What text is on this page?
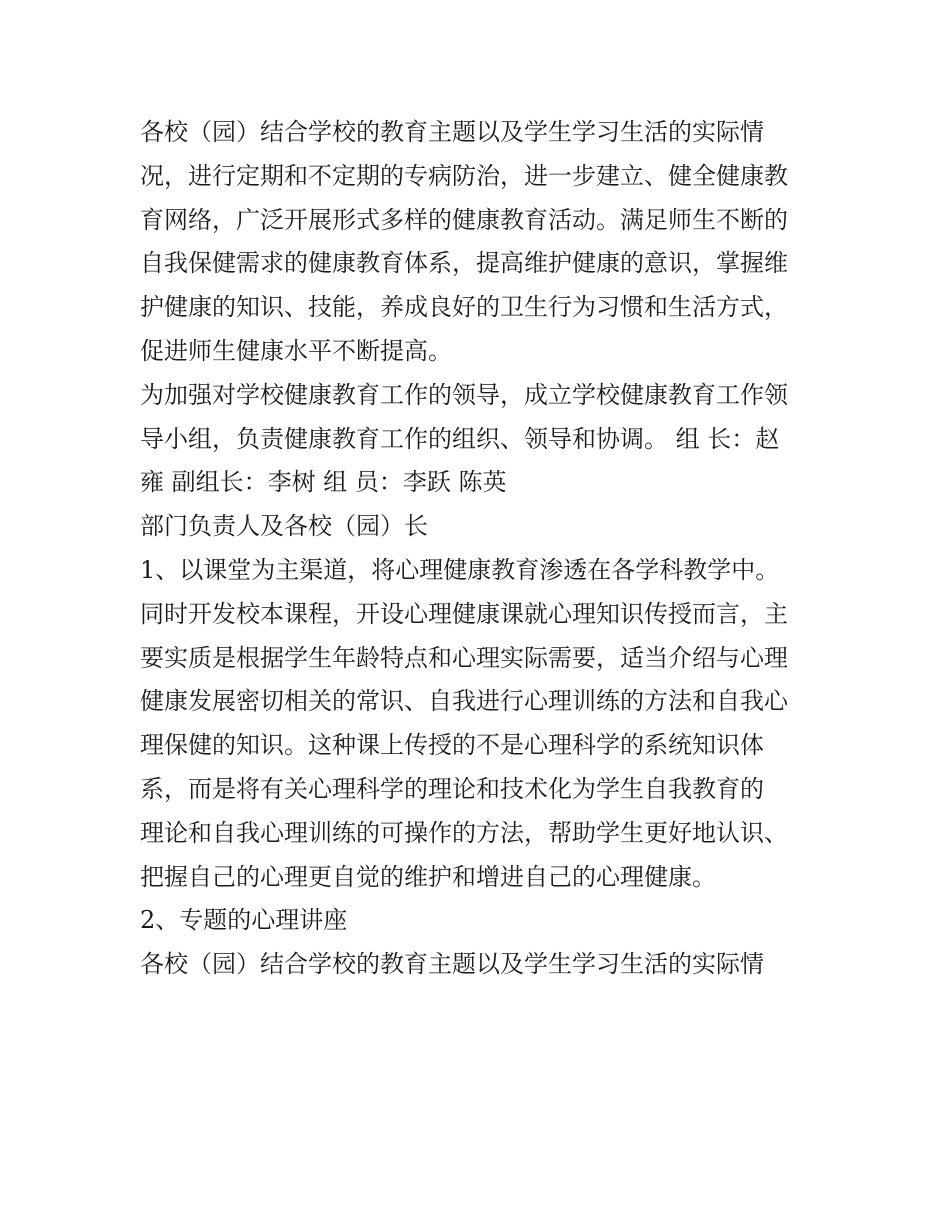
各校（园）结合学校的教育主题以及学生学习生活的实际情
况，进行定期和不定期的专病防治，进一步建立、健全健康教
育网络，广泛开展形式多样的健康教育活动。满足师生不断的
自我保健需求的健康教育体系，提高维护健康的意识，掌握维
护健康的知识、技能，养成良好的卫生行为习惯和生活方式，
促进师生健康水平不断提高。
为加强对学校健康教育工作的领导，成立学校健康教育工作领
导小组，负责健康教育工作的组织、领导和协调。 组 长：赵
雍 副组长：李树 组 员：李跃 陈英
部门负责人及各校（园）长
1、以课堂为主渠道，将心理健康教育渗透在各学科教学中。
同时开发校本课程，开设心理健康课就心理知识传授而言，主
要实质是根据学生年龄特点和心理实际需要，适当介绍与心理
健康发展密切相关的常识、自我进行心理训练的方法和自我心
理保健的知识。这种课上传授的不是心理科学的系统知识体
系，而是将有关心理科学的理论和技术化为学生自我教育的
理论和自我心理训练的可操作的方法，帮助学生更好地认识、
把握自己的心理更自觉的维护和增进自己的心理健康。
2、专题的心理讲座
各校（园）结合学校的教育主题以及学生学习生活的实际情
